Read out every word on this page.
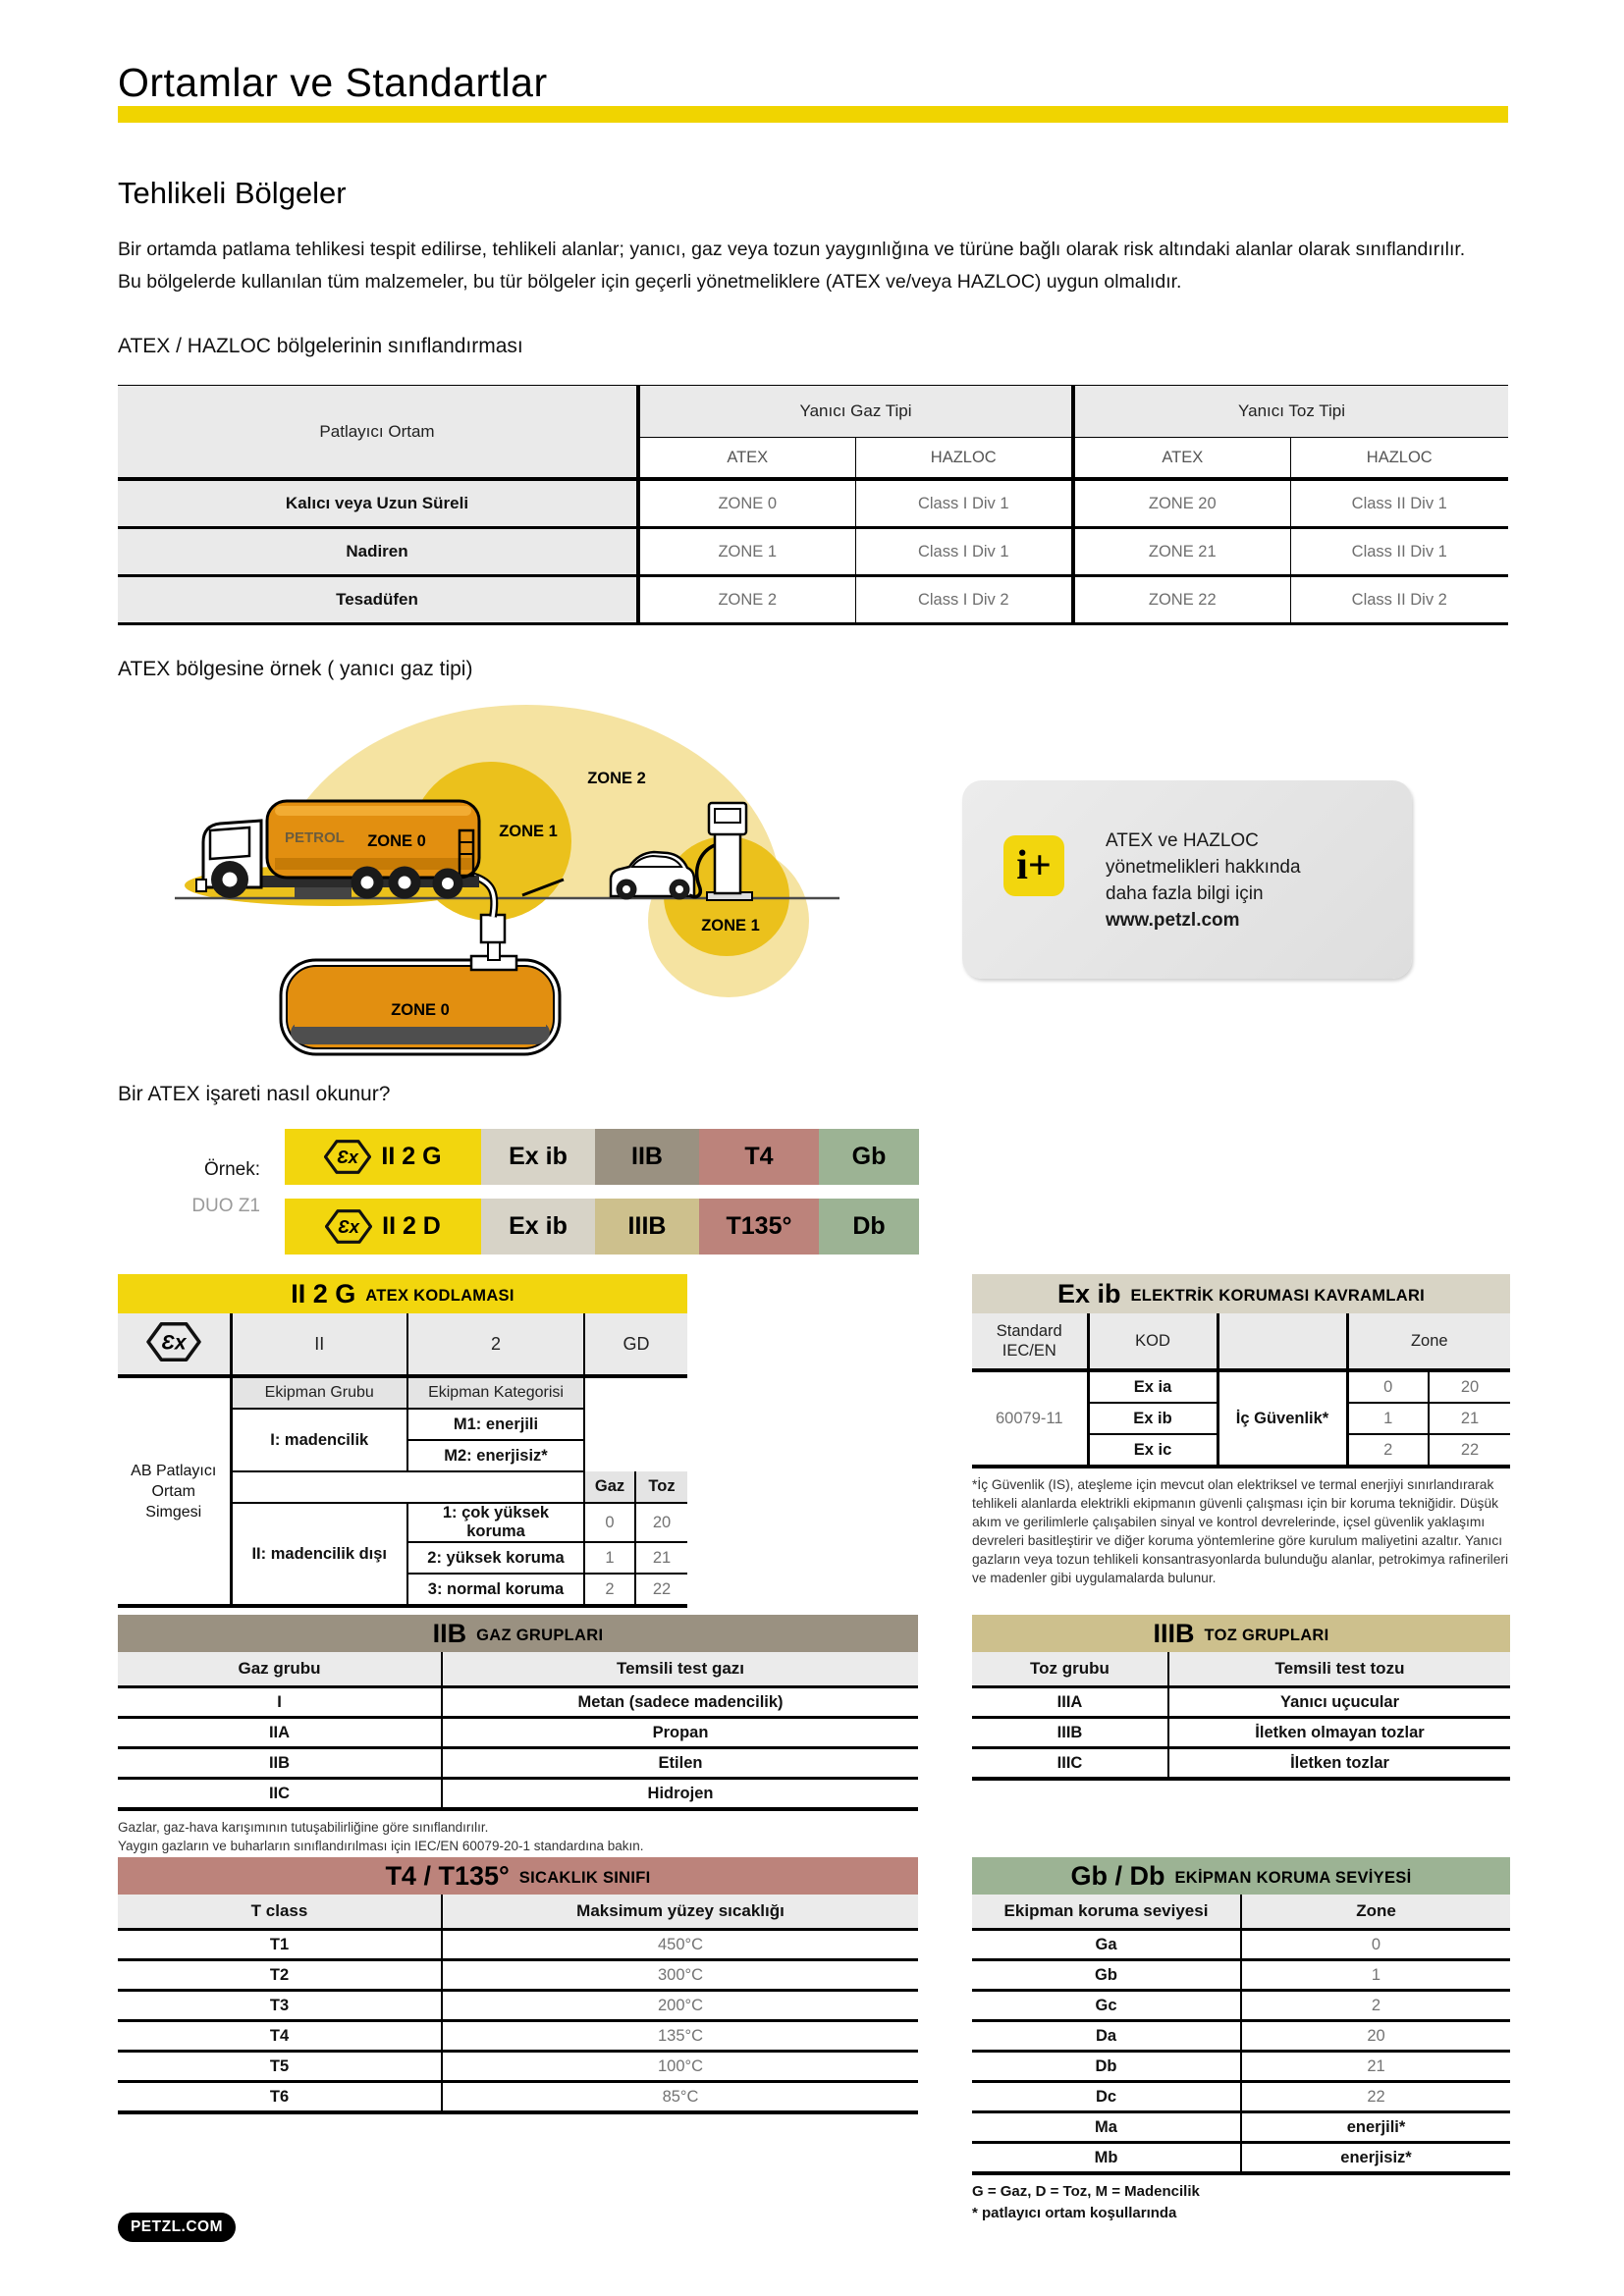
Ortamlar ve Standartlar
Tehlikeli Bölgeler

Bir ortamda patlama tehlikesi tespit edilirse, tehlikeli alanlar; yanıcı, gaz veya tozun yaygınlığına ve türüne bağlı olarak risk altındaki alanlar olarak sınıflandırılır. Bu bölgelerde kullanılan tüm malzemeler, bu tür bölgeler için geçerli yönetmeliklere (ATEX ve/veya HAZLOC) uygun olmalıdır.

ATEX / HAZLOC bölgelerinin sınıflandırması
Patlayıcı Ortam	Yanıcı Gaz Tipi		Yanıcı Toz Tipi	
	ATEX	HAZLOC	ATEX	HAZLOC
Kalıcı veya Uzun Süreli	ZONE 0	Class I Div 1	ZONE 20	Class II Div 1
Nadiren	ZONE 1	Class I Div 1	ZONE 21	Class II Div 1
Tesadüfen	ZONE 2	Class I Div 2	ZONE 22	Class II Div 2
ATEX bölgesine örnek ( yanıcı gaz tipi)
ZONE 0
PETROL ZONE 0
ZONE 2
ZONE 1
ZONE 1
i+
ATEX ve HAZLOC
yönetmelikleri hakkında
daha fazla bilgi için
www.petzl.com
Bir ATEX işareti nasıl okunur?
Örnek:
DUO Z1
Ɛx II 2 G	Ex ib	IIB	T4	Gb
Ɛx II 2 D	Ex ib	IIIB	T135°	Db
II 2 G ATEX KODLAMASI
Ɛx	II	2	GD	
AB Patlayıcı Ortam Simgesi	Ekipman Grubu	Ekipman Kategorisi		
	I: madencilik	M1: enerjili		
		M2: enerjisiz*		
			Gaz	Toz
	II: madencilik dışı	1: çok yüksek koruma	0	20
		2: yüksek koruma	1	21
		3: normal koruma	2	22
Ex ib ELEKTRİK KORUMASI KAVRAMLARI
Standard IEC/EN	KOD		Zone	
60079-11	Ex ia	İç Güvenlik*	0	20
	Ex ib		1	21
	Ex ic		2	22
*İç Güvenlik (IS), ateşleme için mevcut olan elektriksel ve termal enerjiyi sınırlandırarak tehlikeli alanlarda elektrikli ekipmanın güvenli çalışması için bir koruma tekniğidir. Düşük akım ve gerilimlerle çalışabilen sinyal ve kontrol devrelerinde, içsel güvenlik yaklaşımı devreleri basitleştirir ve diğer koruma yöntemlerine göre kurulum maliyetini azaltır. Yanıcı gazların veya tozun tehlikeli konsantrasyonlarda bulunduğu alanlar, petrokimya rafinerileri ve madenler gibi uygulamalarda bulunur.
IIB GAZ GRUPLARI
Gaz grubu	Temsili test gazı
I	Metan (sadece madencilik)
IIA	Propan
IIB	Etilen
IIC	Hidrojen
Gazlar, gaz-hava karışımının tutuşabilirliğine göre sınıflandırılır.
Yaygın gazların ve buharların sınıflandırılması için IEC/EN 60079-20-1 standardına bakın.
IIIB TOZ GRUPLARI
Toz grubu	Temsili test tozu
IIIA	Yanıcı uçucular
IIIB	İletken olmayan tozlar
IIIC	İletken tozlar
T4 / T135° SICAKLIK SINIFI
T class	Maksimum yüzey sıcaklığı
T1	450°C
T2	300°C
T3	200°C
T4	135°C
T5	100°C
T6	85°C
Gb / Db EKİPMAN KORUMA SEVİYESİ
Ekipman koruma seviyesi	Zone
Ga	0
Gb	1
Gc	2
Da	20
Db	21
Dc	22
Ma	enerjili*
Mb	enerjisiz*
G = Gaz, D = Toz, M = Madencilik
* patlayıcı ortam koşullarında
PETZL.COM
